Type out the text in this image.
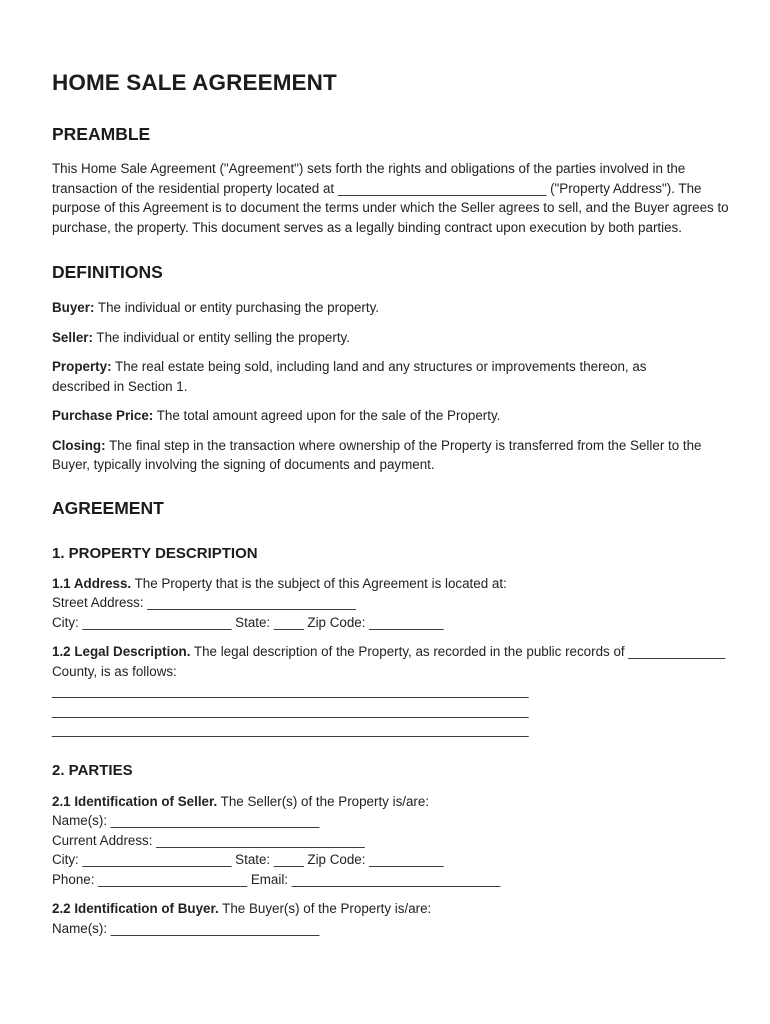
HOME SALE AGREEMENT
PREAMBLE

This Home Sale Agreement ("Agreement") sets forth the rights and obligations of the parties involved in the transaction of the residential property located at ____________________________ ("Property Address"). The purpose of this Agreement is to document the terms under which the Seller agrees to sell, and the Buyer agrees to purchase, the property. This document serves as a legally binding contract upon execution by both parties.

DEFINITIONS

Buyer: The individual or entity purchasing the property.

Seller: The individual or entity selling the property.

Property: The real estate being sold, including land and any structures or improvements thereon, as described in Section 1.

Purchase Price: The total amount agreed upon for the sale of the Property.

Closing: The final step in the transaction where ownership of the Property is transferred from the Seller to the Buyer, typically involving the signing of documents and payment.

AGREEMENT
1. PROPERTY DESCRIPTION

1.1 Address. The Property that is the subject of this Agreement is located at:

Street Address: ____________________________
City: ____________________ State: ____ Zip Code: __________

1.2 Legal Description. The legal description of the Property, as recorded in the public records of _____________ County, is as follows:

________________________________________________________________
________________________________________________________________
________________________________________________________________
2. PARTIES

2.1 Identification of Seller. The Seller(s) of the Property is/are:

Name(s): ____________________________
Current Address: ____________________________
City: ____________________ State: ____ Zip Code: __________
Phone: ____________________ Email: ____________________________

2.2 Identification of Buyer. The Buyer(s) of the Property is/are:

Name(s): ____________________________
